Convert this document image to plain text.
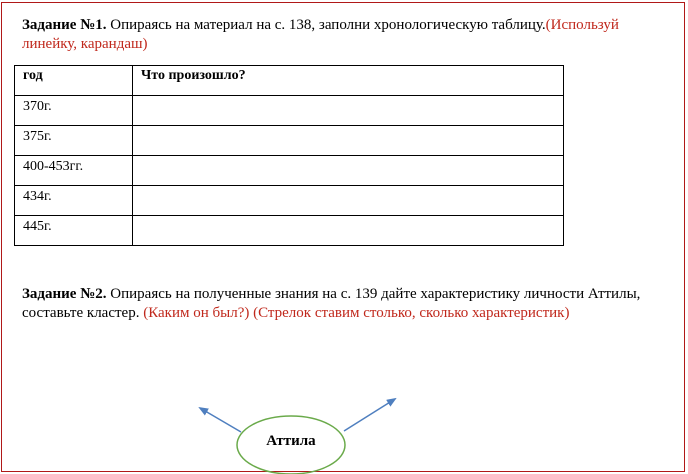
Задание №1. Опираясь на материал на с. 138, заполни хронологическую таблицу.(Используй линейку, карандаш)
год	Что произошло?
370г.	
375г.	
400-453гг.	
434г.	
445г.	
Задание №2. Опираясь на полученные знания на с. 139 дайте характеристику личности Аттилы, составьте кластер. (Каким он был?) (Стрелок ставим столько, сколько характеристик)
Аттила
